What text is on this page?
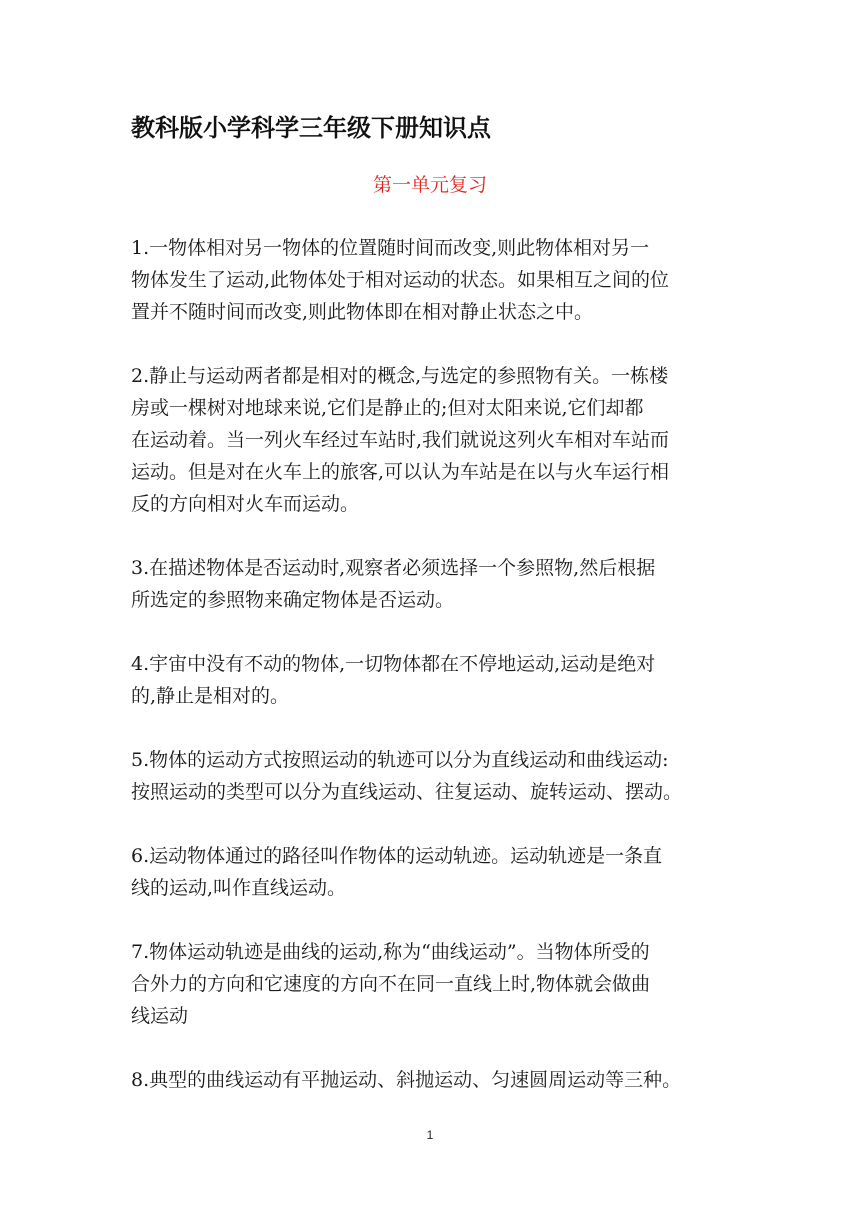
教科版小学科学三年级下册知识点
第一单元复习

1.一物体相对另一物体的位置随时间而改变,则此物体相对另一
物体发生了运动,此物体处于相对运动的状态。如果相互之间的位
置并不随时间而改变,则此物体即在相对静止状态之中。

2.静止与运动两者都是相对的概念,与选定的参照物有关。一栋楼
房或一棵树对地球来说,它们是静止的;但对太阳来说,它们却都
在运动着。当一列火车经过车站时,我们就说这列火车相对车站而
运动。但是对在火车上的旅客,可以认为车站是在以与火车运行相
反的方向相对火车而运动。

3.在描述物体是否运动时,观察者必须选择一个参照物,然后根据
所选定的参照物来确定物体是否运动。

4.宇宙中没有不动的物体,一切物体都在不停地运动,运动是绝对
的,静止是相对的。

5.物体的运动方式按照运动的轨迹可以分为直线运动和曲线运动:
按照运动的类型可以分为直线运动、往复运动、旋转运动、摆动。

6.运动物体通过的路径叫作物体的运动轨迹。运动轨迹是一条直
线的运动,叫作直线运动。

7.物体运动轨迹是曲线的运动,称为“曲线运动”。当物体所受的
合外力的方向和它速度的方向不在同一直线上时,物体就会做曲
线运动

8.典型的曲线运动有平抛运动、斜抛运动、匀速圆周运动等三种。

1
